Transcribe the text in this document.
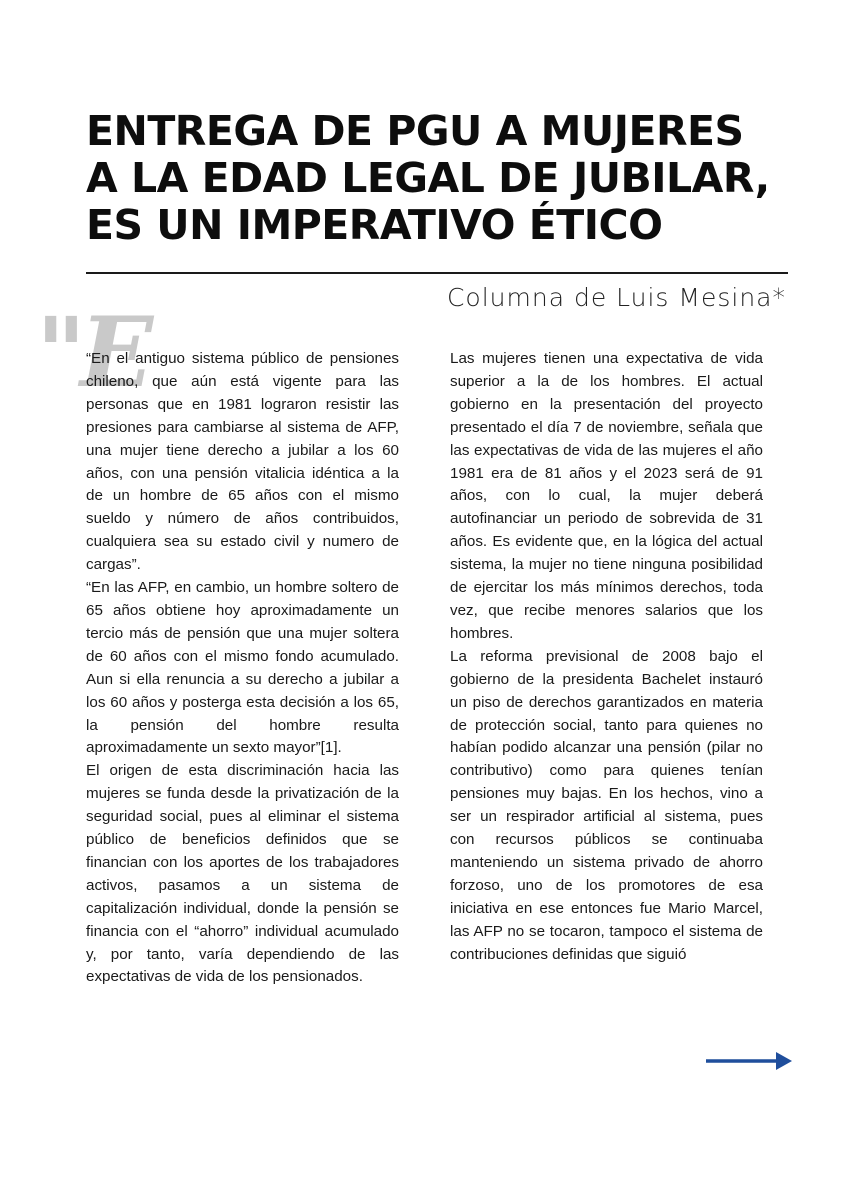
ENTREGA DE PGU A MUJERES
A LA EDAD LEGAL DE JUBILAR,
ES UN IMPERATIVO ÉTICO
Columna de Luis Mesina*
"E

“En el antiguo sistema público de pensiones chileno, que aún está vigente para las personas que en 1981 lograron resistir las presiones para cambiarse al sistema de AFP, una mujer tiene derecho a jubilar a los 60 años, con una pensión vitalicia idéntica a la de un hombre de 65 años con el mismo sueldo y número de años contribuidos, cualquiera sea su estado civil y numero de cargas”.

“En las AFP, en cambio, un hombre soltero de 65 años obtiene hoy aproximadamente un tercio más de pensión que una mujer soltera de 60 años con el mismo fondo acumulado. Aun si ella renuncia a su derecho a jubilar a los 60 años y posterga esta decisión a los 65, la pensión del hombre resulta aproximadamente un sexto mayor”[1].

El origen de esta discriminación hacia las mujeres se funda desde la privatización de la seguridad social, pues al eliminar el sistema público de beneficios definidos que se financian con los aportes de los trabajadores activos, pasamos a un sistema de capitalización individual, donde la pensión se financia con el “ahorro” individual acumulado y, por tanto, varía dependiendo de las expectativas de vida de los pensionados.

Las mujeres tienen una expectativa de vida superior a la de los hombres. El actual gobierno en la presentación del proyecto presentado el día 7 de noviembre, señala que las expectativas de vida de las mujeres el año 1981 era de 81 años y el 2023 será de 91 años, con lo cual, la mujer deberá autofinanciar un periodo de sobrevida de 31 años. Es evidente que, en la lógica del actual sistema, la mujer no tiene ninguna posibilidad de ejercitar los más mínimos derechos, toda vez, que recibe menores salarios que los hombres.

La reforma previsional de 2008 bajo el gobierno de la presidenta Bachelet instauró un piso de derechos garantizados en materia de protección social, tanto para quienes no habían podido alcanzar una pensión (pilar no contributivo) como para quienes tenían pensiones muy bajas. En los hechos, vino a ser un respirador artificial al sistema, pues con recursos públicos se continuaba manteniendo un sistema privado de ahorro forzoso, uno de los promotores de esa iniciativa en ese entonces fue Mario Marcel, las AFP no se tocaron, tampoco el sistema de contribuciones definidas que siguió
